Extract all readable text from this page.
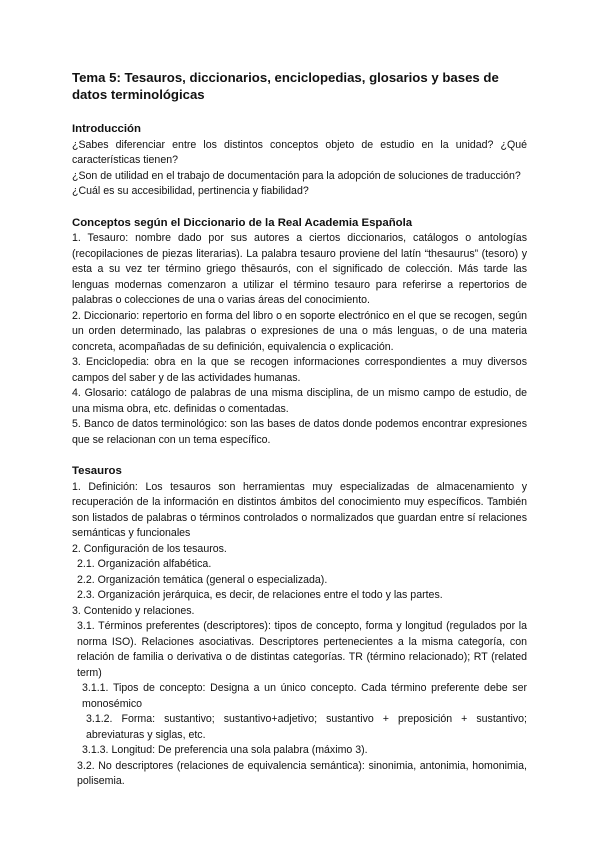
Tema 5: Tesauros, diccionarios, enciclopedias, glosarios y bases de datos terminológicas

Introducción

¿Sabes diferenciar entre los distintos conceptos objeto de estudio en la unidad? ¿Qué características tienen?

¿Son de utilidad en el trabajo de documentación para la adopción de soluciones de traducción?

¿Cuál es su accesibilidad, pertinencia y fiabilidad?

Conceptos según el Diccionario de la Real Academia Española

1. Tesauro: nombre dado por sus autores a ciertos diccionarios, catálogos o antologías (recopilaciones de piezas literarias). La palabra tesauro proviene del latín “thesaurus” (tesoro) y esta a su vez ter término griego thēsaurós, con el significado de colección. Más tarde las lenguas modernas comenzaron a utilizar el término tesauro para referirse a repertorios de palabras o colecciones de una o varias áreas del conocimiento.

2. Diccionario: repertorio en forma del libro o en soporte electrónico en el que se recogen, según un orden determinado, las palabras o expresiones de una o más lenguas, o de una materia concreta, acompañadas de su definición, equivalencia o explicación.

3. Enciclopedia: obra en la que se recogen informaciones correspondientes a muy diversos campos del saber y de las actividades humanas.

4. Glosario: catálogo de palabras de una misma disciplina, de un mismo campo de estudio, de una misma obra, etc. definidas o comentadas.

5. Banco de datos terminológico: son las bases de datos donde podemos encontrar expresiones que se relacionan con un tema específico.

Tesauros

1. Definición: Los tesauros son herramientas muy especializadas de almacenamiento y recuperación de la información en distintos ámbitos del conocimiento muy específicos. También son listados de palabras o términos controlados o normalizados que guardan entre sí relaciones semánticas y funcionales

2. Configuración de los tesauros.

2.1. Organización alfabética.

2.2. Organización temática (general o especializada).

2.3. Organización jerárquica, es decir, de relaciones entre el todo y las partes.

3. Contenido y relaciones.

3.1. Términos preferentes (descriptores): tipos de concepto, forma y longitud (regulados por la norma ISO). Relaciones asociativas. Descriptores pertenecientes a la misma categoría, con relación de familia o derivativa o de distintas categorías. TR (término relacionado); RT (related term)

3.1.1. Tipos de concepto: Designa a un único concepto. Cada término preferente debe ser monosémico

3.1.2. Forma: sustantivo; sustantivo+adjetivo; sustantivo + preposición + sustantivo; abreviaturas y siglas, etc.

3.1.3. Longitud: De preferencia una sola palabra (máximo 3).

3.2. No descriptores (relaciones de equivalencia semántica): sinonimia, antonimia, homonimia, polisemia.
